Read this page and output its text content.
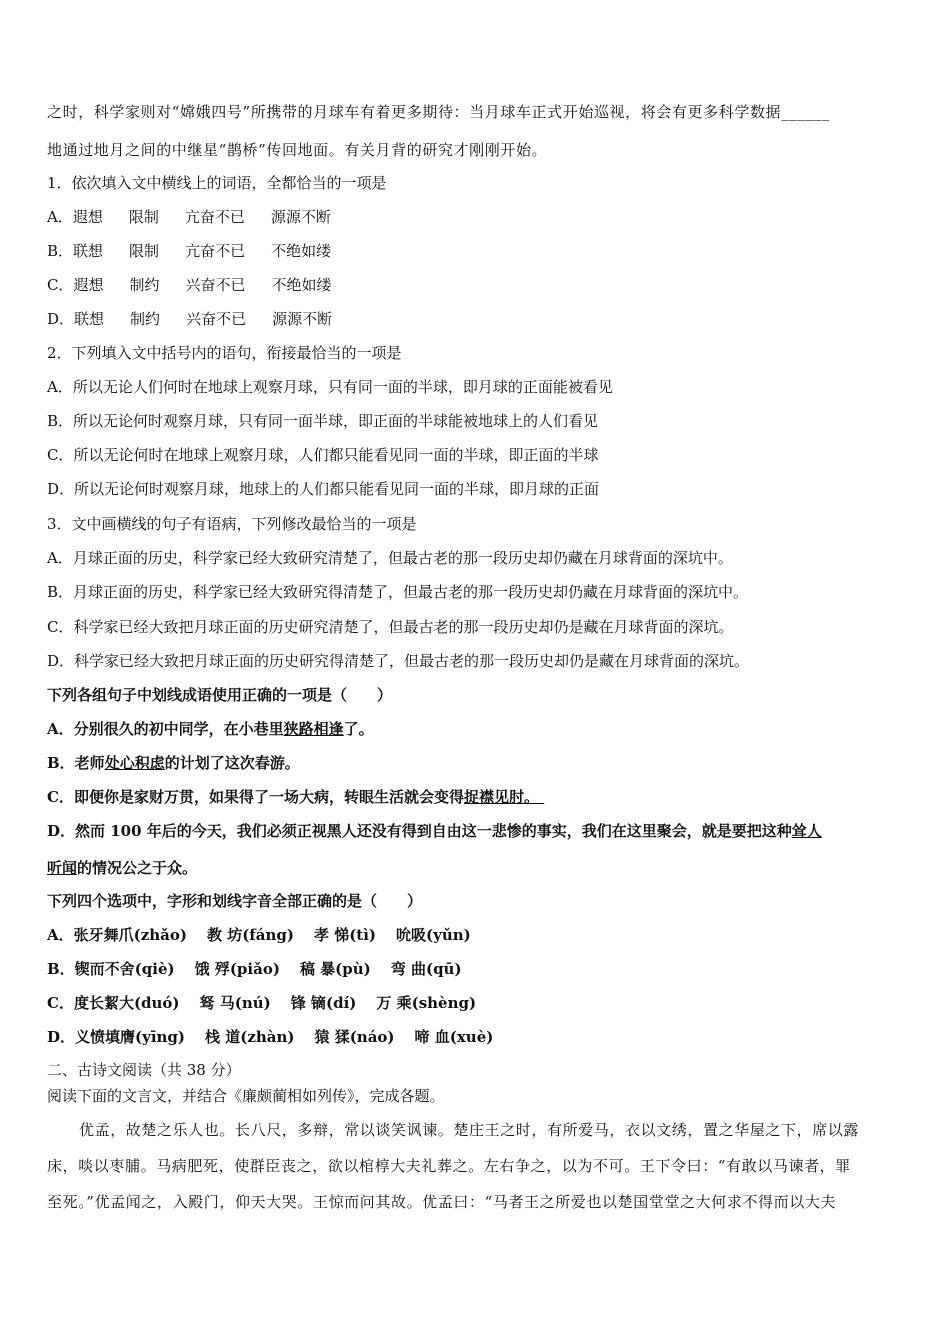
之时，科学家则对“嫦娥四号”所携带的月球车有着更多期待：当月球车正式开始巡视，将会有更多科学数据______
地通过地月之间的中继星“鹊桥”传回地面。有关月背的研究才刚刚开始。
1．依次填入文中横线上的词语，全都恰当的一项是
A．遐想 限制 亢奋不已 源源不断
B．联想 限制 亢奋不已 不绝如缕
C．遐想 制约 兴奋不已 不绝如缕
D．联想 制约 兴奋不已 源源不断
2．下列填入文中括号内的语句，衔接最恰当的一项是
A．所以无论人们何时在地球上观察月球，只有同一面的半球，即月球的正面能被看见
B．所以无论何时观察月球，只有同一面半球，即正面的半球能被地球上的人们看见
C．所以无论何时在地球上观察月球，人们都只能看见同一面的半球，即正面的半球
D．所以无论何时观察月球，地球上的人们都只能看见同一面的半球，即月球的正面
3．文中画横线的句子有语病，下列修改最恰当的一项是
A．月球正面的历史，科学家已经大致研究清楚了，但最古老的那一段历史却仍藏在月球背面的深坑中。
B．月球正面的历史，科学家已经大致研究得清楚了，但最古老的那一段历史却仍藏在月球背面的深坑中。
C．科学家已经大致把月球正面的历史研究清楚了，但最古老的那一段历史却仍是藏在月球背面的深坑。
D．科学家已经大致把月球正面的历史研究得清楚了，但最古老的那一段历史却仍是藏在月球背面的深坑。
下列各组句子中划线成语使用正确的一项是（　　）
A．分别很久的初中同学，在小巷里狭路相逢了。
B．老师处心积虑的计划了这次春游。
C．即便你是家财万贯，如果得了一场大病，转眼生活就会变得捉襟见肘。
D．然而 100 年后的今天，我们必须正视黑人还没有得到自由这一悲惨的事实，我们在这里聚会，就是要把这种耸人
听闻的情况公之于众。
下列四个选项中，字形和划线字音全部正确的是（　　）
A．张牙舞爪(zhǎo) 教 坊(fáng) 孝 悌(tì) 吮吸(yǔn)
B．锲而不舍(qiè) 饿 殍(piǎo) 稿 暴(pù) 弯 曲(qū)
C．度长絜大(duó) 驽 马(nú) 锋 镝(dí) 万 乘(shèng)
D．义愤填膺(yīng) 栈 道(zhàn) 猿 猱(náo) 啼 血(xuè)
二、古诗文阅读（共 38 分）
阅读下面的文言文，并结合《廉颇蔺相如列传》，完成各题。
优孟，故楚之乐人也。长八尺，多辩，常以谈笑讽谏。楚庄王之时，有所爱马，衣以文绣，置之华屋之下，席以露
床，啖以枣脯。马病肥死，使群臣丧之，欲以棺椁大夫礼葬之。左右争之，以为不可。王下令曰：“有敢以马谏者，罪
至死。”优孟闻之，入殿门，仰天大哭。王惊而问其故。优孟曰：“马者王之所爱也以楚国堂堂之大何求不得而以大夫
